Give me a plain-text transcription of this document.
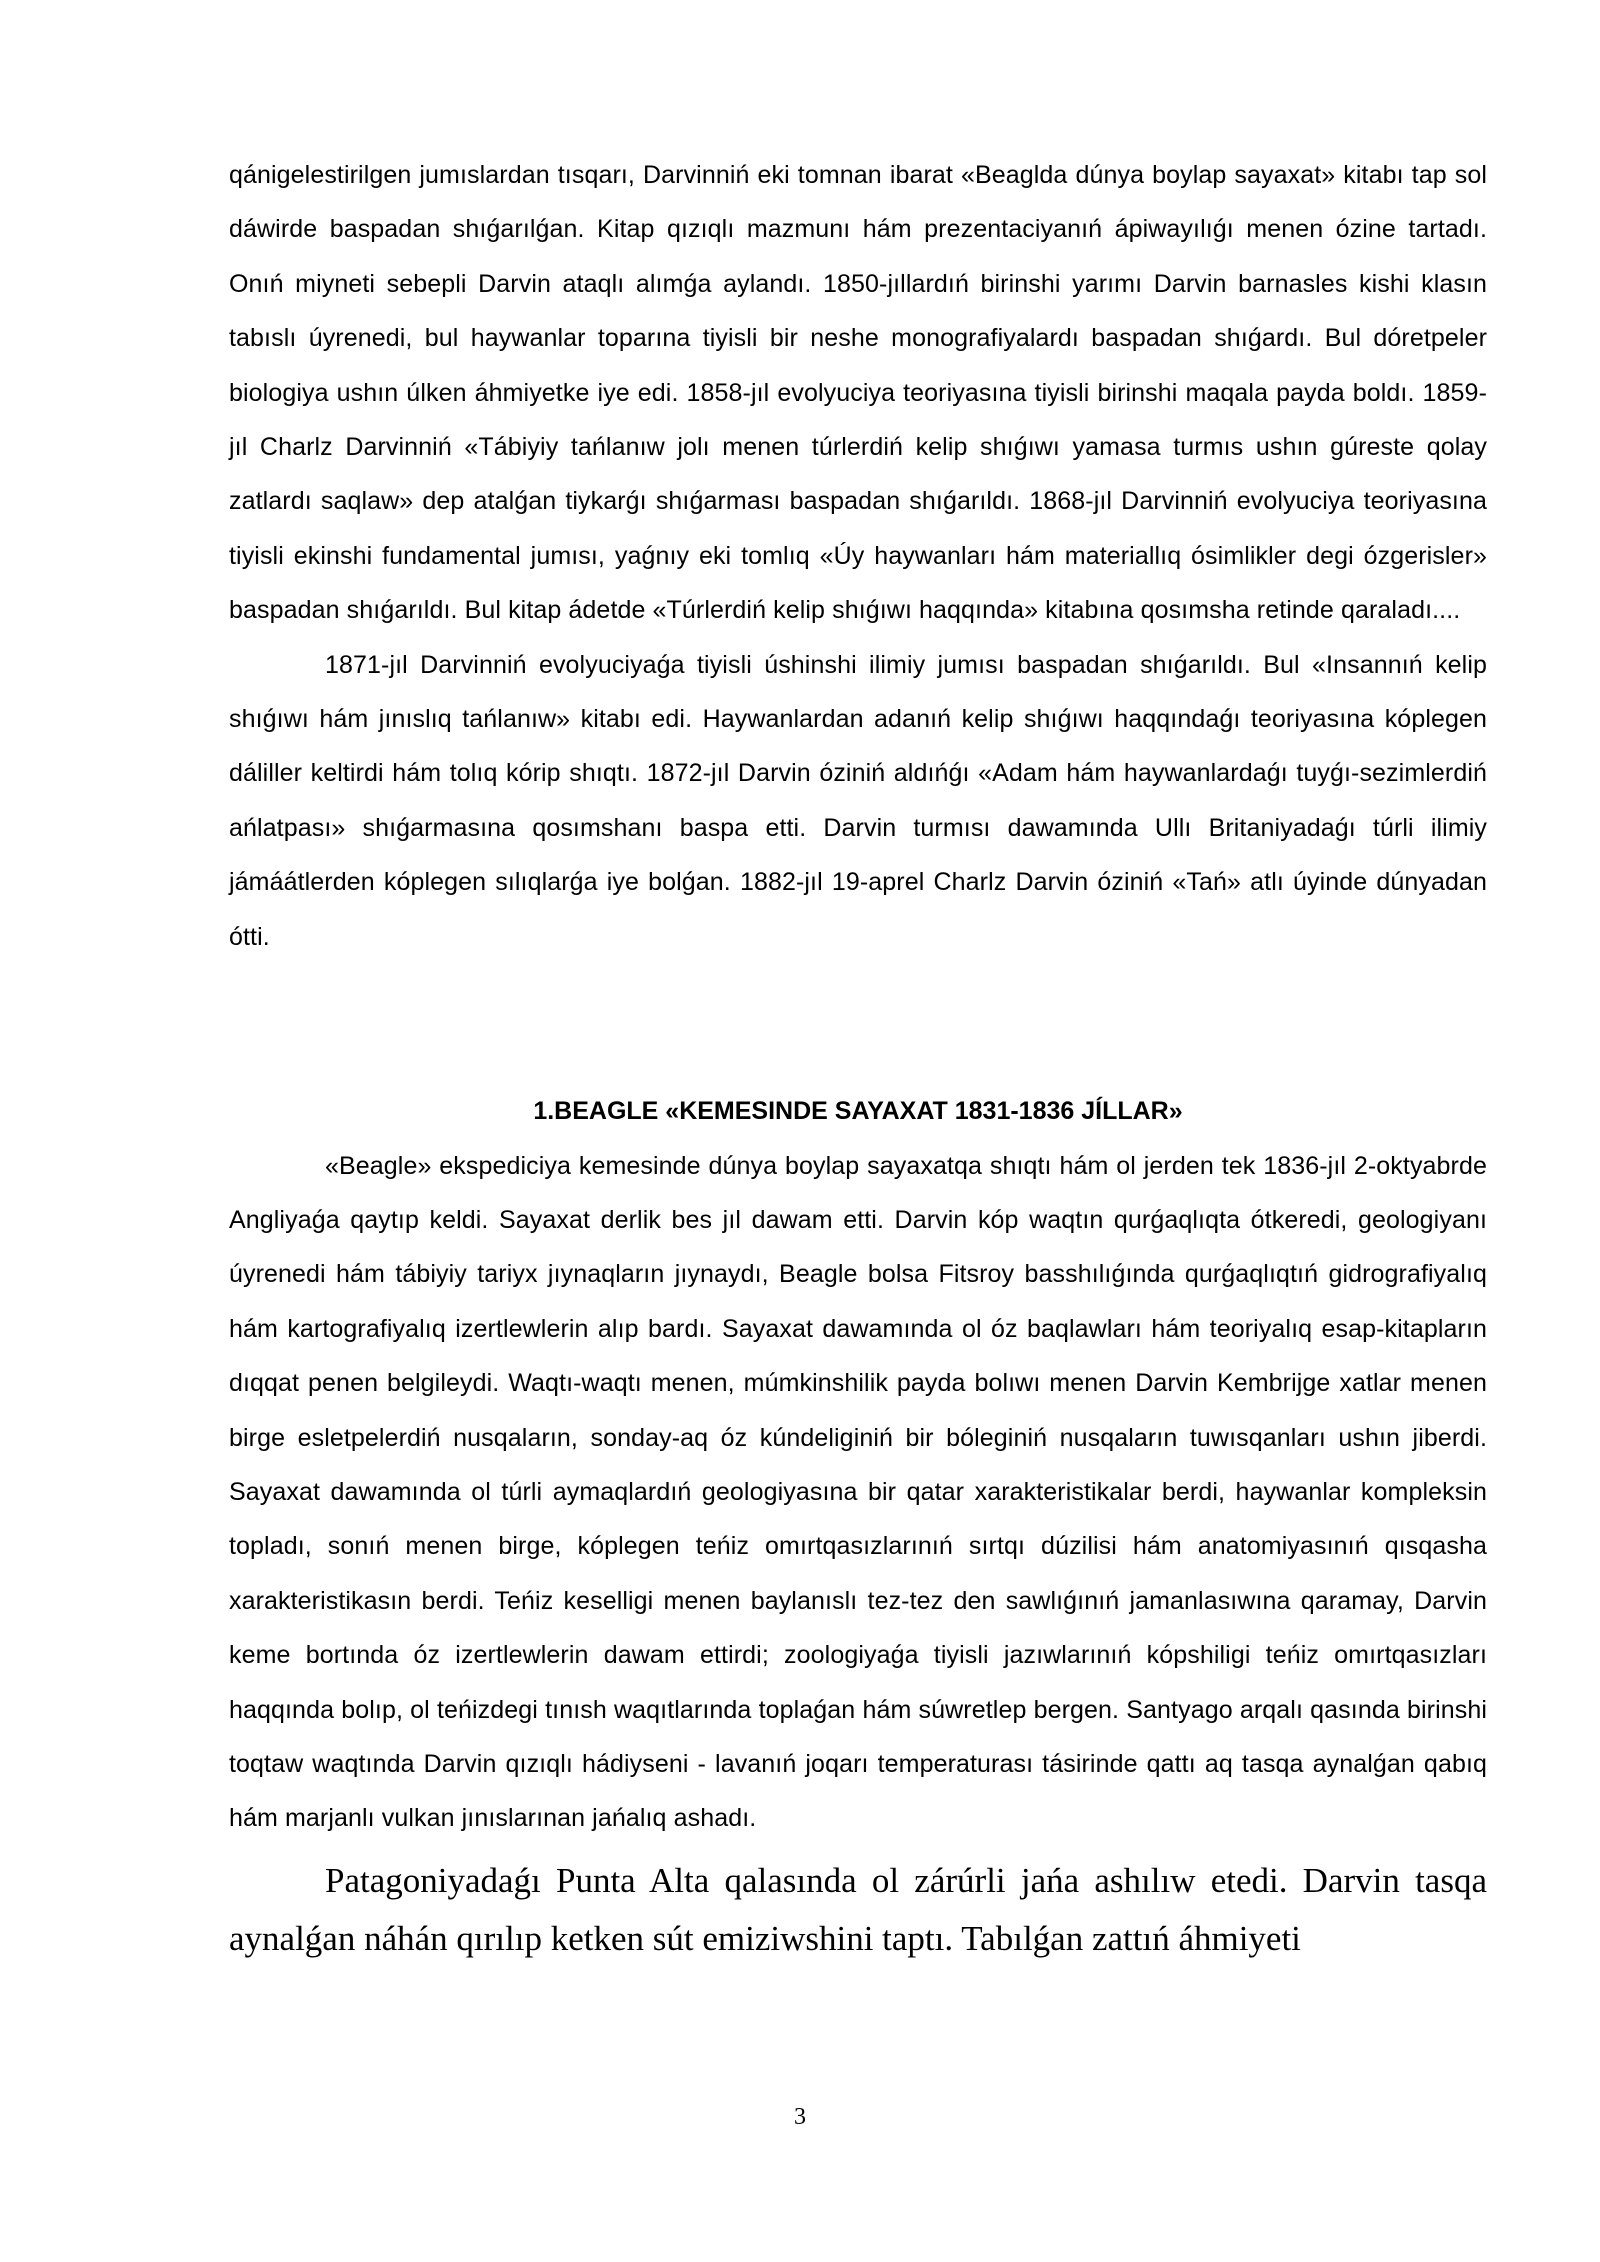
qánigelestirilgen jumıslardan tısqarı, Darvinniń eki tomnan ibarat «Beaglda dúnya boylap sayaxat» kitabı tap sol dáwirde baspadan shıǵarılǵan. Kitap qızıqlı mazmunı hám prezentaciyanıń ápiwayılıǵı menen ózine tartadı. Onıń miyneti sebepli Darvin ataqlı alımǵa aylandı. 1850-jıllardıń birinshi yarımı Darvin barnasles kishi klasın tabıslı úyrenedi, bul haywanlar toparına tiyisli bir neshe monografiyalardı baspadan shıǵardı. Bul dóretpeler biologiya ushın úlken áhmiyetke iye edi. 1858-jıl evolyuciya teoriyasına tiyisli birinshi maqala payda boldı. 1859-jıl Charlz Darvinniń «Tábiyiy tańlanıw jolı menen túrlerdiń kelip shıǵıwı yamasa turmıs ushın gúreste qolay zatlardı saqlaw» dep atalǵan tiykarǵı shıǵarması baspadan shıǵarıldı. 1868-jıl Darvinniń evolyuciya teoriyasına tiyisli ekinshi fundamental jumısı, yaǵnıy eki tomlıq «Úy haywanları hám materiallıq ósimlikler degi ózgerisler» baspadan shıǵarıldı. Bul kitap ádetde «Túrlerdiń kelip shıǵıwı haqqında» kitabına qosımsha retinde qaraladı....

1871-jıl Darvinniń evolyuciyaǵa tiyisli úshinshi ilimiy jumısı baspadan shıǵarıldı. Bul «Insannıń kelip shıǵıwı hám jınıslıq tańlanıw» kitabı edi. Haywanlardan adanıń kelip shıǵıwı haqqındaǵı teoriyasına kóplegen dáliller keltirdi hám tolıq kórip shıqtı. 1872-jıl Darvin óziniń aldıńǵı «Adam hám haywanlardaǵı tuyǵı-sezimlerdiń ańlatpası» shıǵarmasına qosımshanı baspa etti. Darvin turmısı dawamında Ullı Britaniyadaǵı túrli ilimiy jámáátlerden kóplegen sılıqlarǵa iye bolǵan. 1882-jıl 19-aprel Charlz Darvin óziniń «Tań» atlı úyinde dúnyadan ótti.

1.BEAGLE «KEMESINDE SAYAXAT 1831-1836 JÍLLAR»

«Beagle» ekspediciya kemesinde dúnya boylap sayaxatqa shıqtı hám ol jerden tek 1836-jıl 2-oktyabrde Angliyaǵa qaytıp keldi. Sayaxat derlik bes jıl dawam etti. Darvin kóp waqtın qurǵaqlıqta ótkeredi, geologiyanı úyrenedi hám tábiyiy tariyx jıynaqların jıynaydı, Beagle bolsa Fitsroy basshılıǵında qurǵaqlıqtıń gidrografiyalıq hám kartografiyalıq izertlewlerin alıp bardı. Sayaxat dawamında ol óz baqlawları hám teoriyalıq esap-kitapların dıqqat penen belgileydi. Waqtı-waqtı menen, múmkinshilik payda bolıwı menen Darvin Kembrijge xatlar menen birge esletpelerdiń nusqaların, sonday-aq óz kúndeliginiń bir bóleginiń nusqaların tuwısqanları ushın jiberdi. Sayaxat dawamında ol túrli aymaqlardıń geologiyasına bir qatar xarakteristikalar berdi, haywanlar kompleksin topladı, sonıń menen birge, kóplegen teńiz omırtqasızlarınıń sırtqı dúzilisi hám anatomiyasınıń qısqasha xarakteristikasın berdi. Teńiz keselligi menen baylanıslı tez-tez den sawlıǵınıń jamanlasıwına qaramay, Darvin keme bortında óz izertlewlerin dawam ettirdi; zoologiyaǵa tiyisli jazıwlarınıń kópshiligi teńiz omırtqasızları haqqında bolıp, ol teńizdegi tınısh waqıtlarında toplaǵan hám súwretlep bergen. Santyago arqalı qasında birinshi toqtaw waqtında Darvin qızıqlı hádiyseni - lavanıń joqarı temperaturası tásirinde qattı aq tasqa aynalǵan qabıq hám marjanlı vulkan jınıslarınan jańalıq ashadı.

Patagoniyadaǵı Punta Alta qalasında ol zárúrli jańa ashılıw etedi. Darvin tasqa aynalǵan náhán qırılıp ketken sút emiziwshini taptı. Tabılǵan zattıń áhmiyeti

3
